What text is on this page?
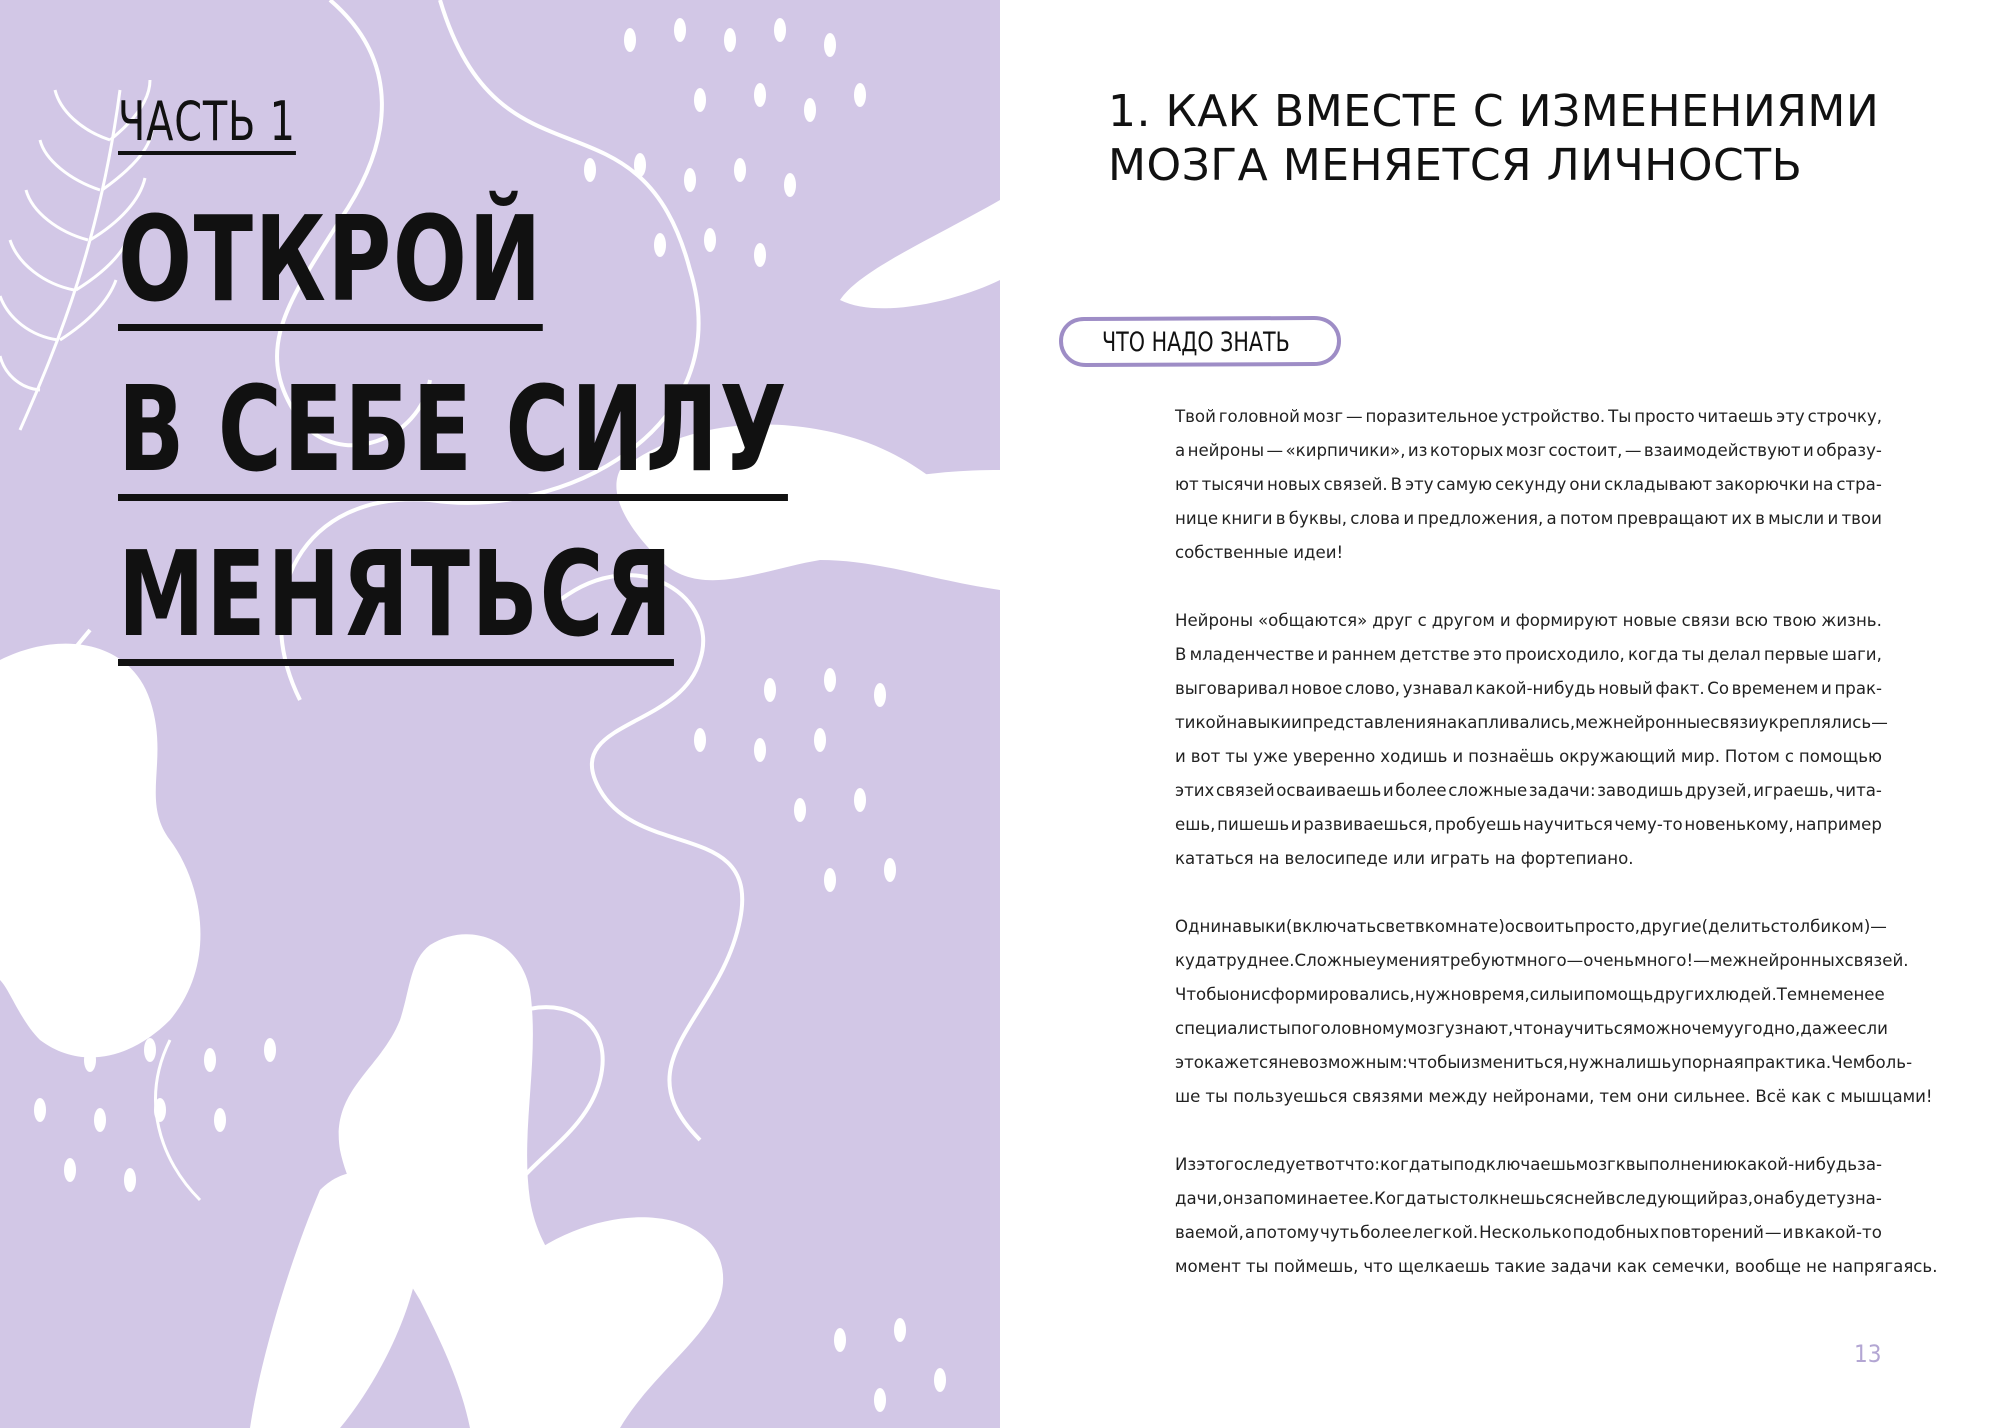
ЧАСТЬ 1
ОТКРОЙ
В СЕБЕ СИЛУ
МЕНЯТЬСЯ
1. КАК ВМЕСТЕ С ИЗМЕНЕНИЯМИ
МОЗГА МЕНЯЕТСЯ ЛИЧНОСТЬ
ЧТО НАДО ЗНАТЬ
Твой головной мозг — поразительное устройство. Ты просто читаешь эту строчку,
а нейроны — «кирпичики», из которых мозг состоит, — взаимодействуют и образу-
ют тысячи новых связей. В эту самую секунду они складывают закорючки на стра-
нице книги в буквы, слова и предложения, а потом превращают их в мысли и твои
собственные идеи!
Нейроны «общаются» друг с другом и формируют новые связи всю твою жизнь.
В младенчестве и раннем детстве это происходило, когда ты делал первые шаги,
выговаривал новое слово, узнавал какой-нибудь новый факт. Со временем и прак-
тикой навыки и представления накапливались, межнейронные связи укреплялись —
и вот ты уже уверенно ходишь и познаёшь окружающий мир. Потом с помощью
этих связей осваиваешь и более сложные задачи: заводишь друзей, играешь, чита-
ешь, пишешь и развиваешься, пробуешь научиться чему-то новенькому, например
кататься на велосипеде или играть на фортепиано.
Одни навыки (включать свет в комнате) освоить просто, другие (делить столбиком) —
куда труднее. Сложные умения требуют много — очень много! — межнейронных связей.
Чтобы они сформировались, нужно время, силы и помощь других людей. Тем не менее
специалисты по головному мозгу знают, что научиться можно чему угодно, даже если
это кажется невозможным: чтобы измениться, нужна лишь упорная практика. Чем боль-
ше ты пользуешься связями между нейронами, тем они сильнее. Всё как с мышцами!
Из этого следует вот что: когда ты подключаешь мозг к выполнению какой-нибудь за-
дачи, он запоминает ее. Когда ты столкнешься с ней в следующий раз, она будет узна-
ваемой, а потому чуть более легкой. Несколько подобных повторений — и в какой-то
момент ты поймешь, что щелкаешь такие задачи как семечки, вообще не напрягаясь.
13
